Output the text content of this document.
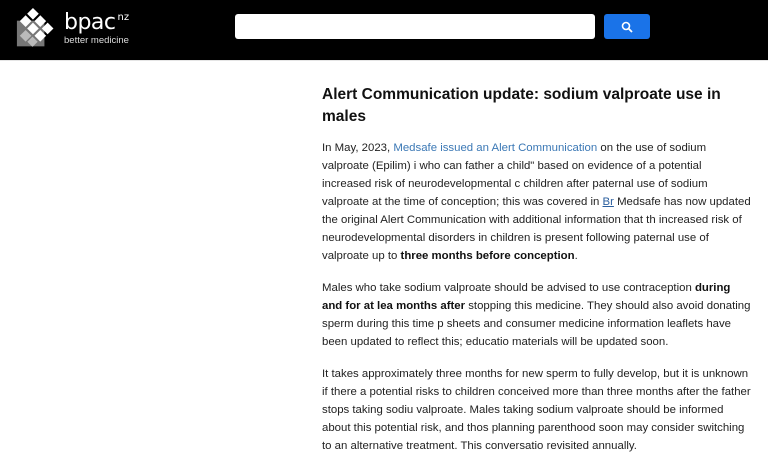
bpac nz
better medicine
Alert Communication update: sodium valproate use in males

In May, 2023, Medsafe issued an Alert Communication on the use of sodium valproate (Epilim) i who can father a child" based on evidence of a potential increased risk of neurodevelopmental c children after paternal use of sodium valproate at the time of conception; this was covered in Br Medsafe has now updated the original Alert Communication with additional information that th increased risk of neurodevelopmental disorders in children is present following paternal use of valproate up to three months before conception.

Males who take sodium valproate should be advised to use contraception during and for at lea months after stopping this medicine. They should also avoid donating sperm during this time p sheets and consumer medicine information leaflets have been updated to reflect this; educatio materials will be updated soon.

It takes approximately three months for new sperm to fully develop, but it is unknown if there a potential risks to children conceived more than three months after the father stops taking sodiu valproate. Males taking sodium valproate should be informed about this potential risk, and thos planning parenthood soon may consider switching to an alternative treatment. This conversatio revisited annually.
